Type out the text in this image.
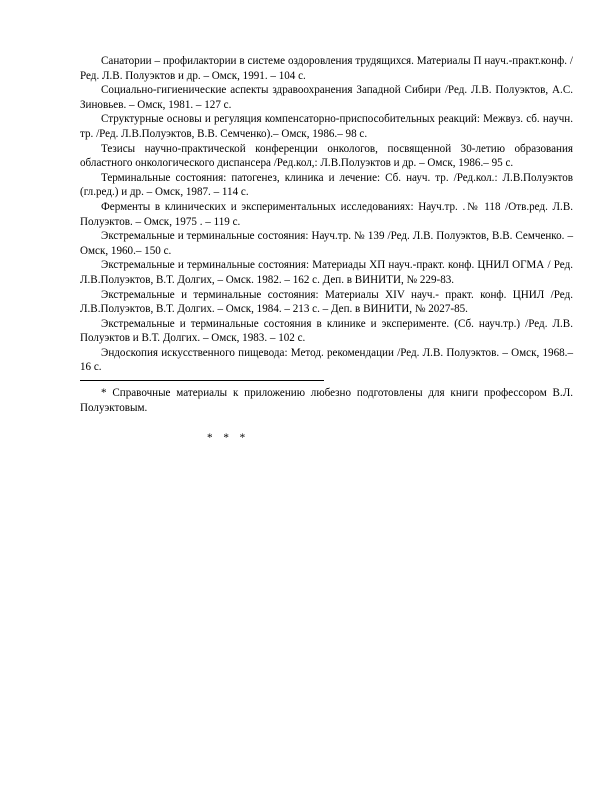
Санатории – профилактории в системе оздоровления трудящихся. Материалы П науч.-практ.конф. /Ред. Л.В. Полуэктов и др. – Омск, 1991. – 104 с.

Социально-гигиенические аспекты здравоохранения Западной Сибири /Ред. Л.В. Полуэктов, А.С. Зиновьев. – Омск, 1981. – 127 с.

Структурные основы и регуляция компенсаторно-приспособительных реакций: Межвуз. сб. научн. тр. /Ред. Л.В.Полуэктов, В.В. Семченко).– Омск, 1986.– 98 с.

Тезисы научно-практической конференции онкологов, посвященной 30-летию образования областного онкологического диспансера /Ред.кол,: Л.В.Полуэктов и др. – Омск, 1986.– 95 с.

Терминальные состояния: патогенез, клиника и лечение: Сб. науч. тр. /Ред.кол.: Л.В.Полуэктов (гл.ред.) и др. – Омск, 1987. – 114 с.

Ферменты в клинических и экспериментальных исследованиях: Науч.тр. .№ 118 /Отв.ред. Л.В. Полуэктов. – Омск, 1975 . – 119 с.

Экстремальные и терминальные состояния: Науч.тр. № 139 /Ред. Л.В. Полуэктов, В.В. Семченко. – Омск, 1960.– 150 с.

Экстремальные и терминальные состояния: Материады XП науч.-практ. конф. ЦНИЛ ОГМА / Ред. Л.В.Полуэктов, В.Т. Долгих, – Омск. 1982. – 162 с. Деп. в ВИНИТИ, № 229-83.

Экстремальные и терминальные состояния: Материалы XIV науч.- практ. конф. ЦНИЛ /Ред. Л.В.Полуэктов, В.Т. Долгих. – Омск, 1984. – 213 с. – Деп. в ВИНИТИ, № 2027-85.

Экстремальные и терминальные состояния в клинике и эксперименте. (Сб. науч.тр.) /Ред. Л.В. Полуэктов и В.Т. Долгих. – Омск, 1983. – 102 с.

Эндоскопия искусственного пищевода: Метод. рекомендации /Ред. Л.В. Полуэктов. – Омск, 1968.– 16 с.

* Справочные материалы к приложению любезно подготовлены для книги профессором В.Л. Полуэктовым.

* * *
